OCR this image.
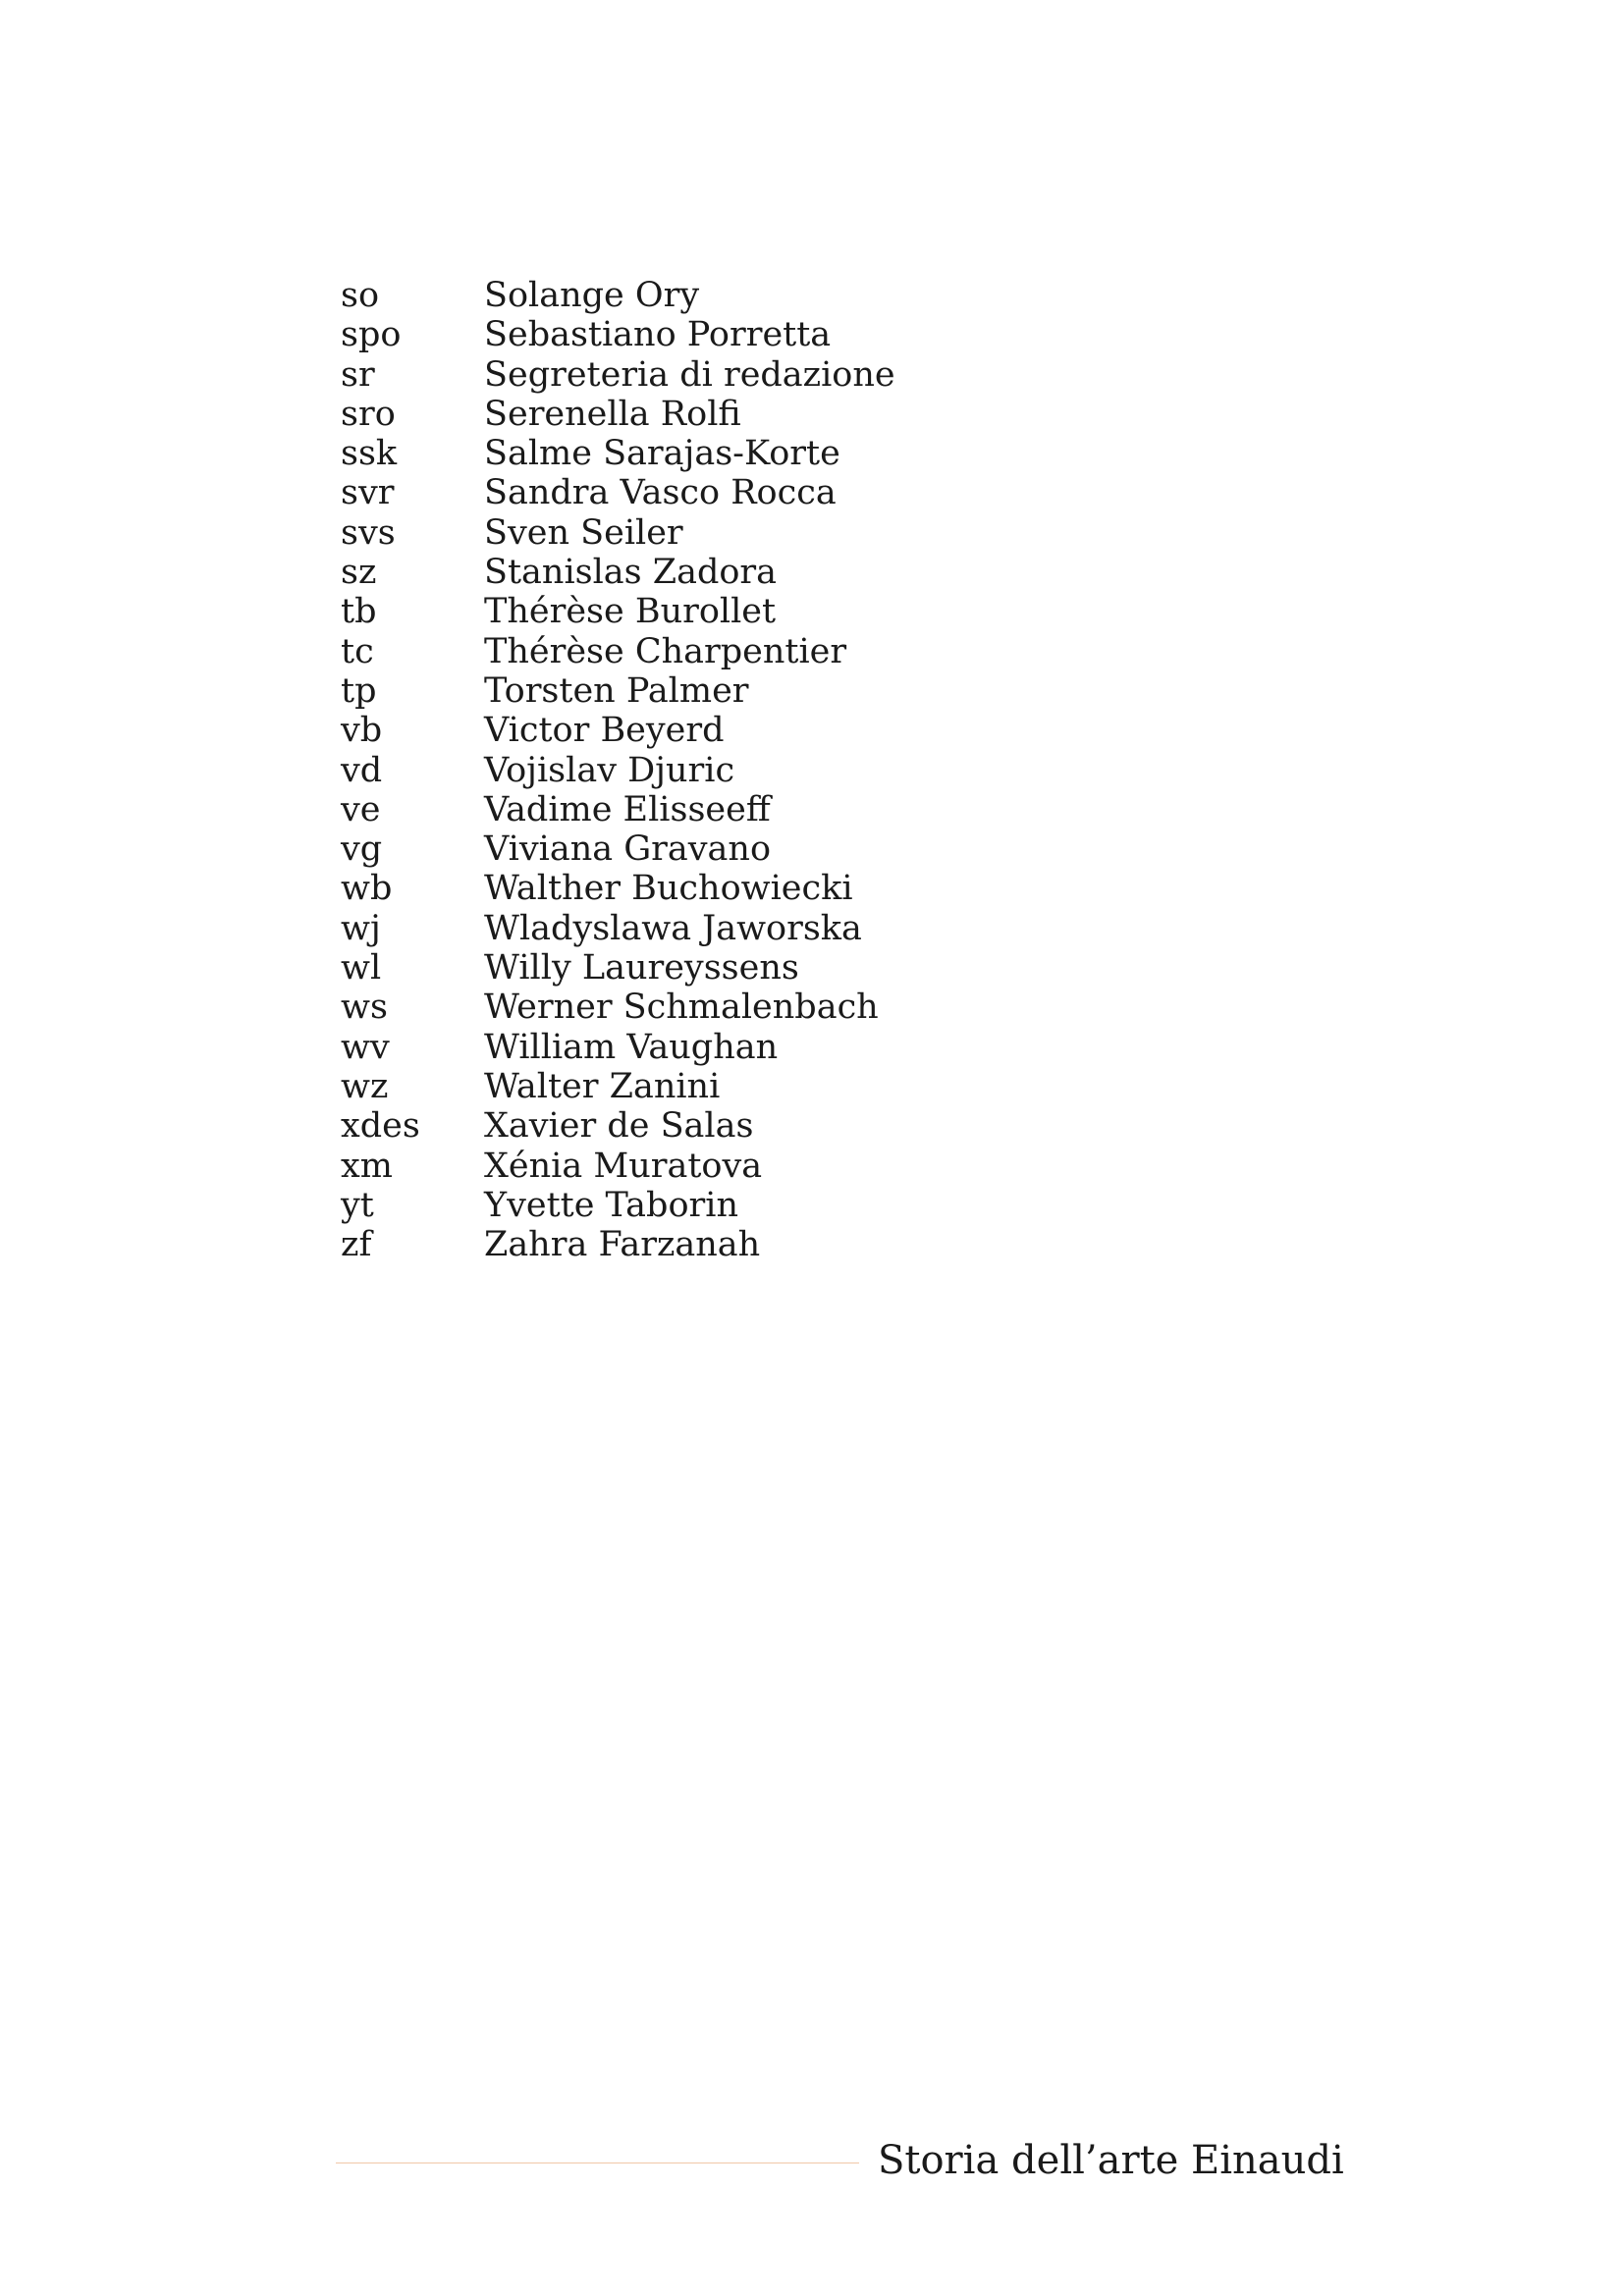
so	Solange Ory
spo Sebastiano Porretta
sr	Segreteria di redazione
sro	Serenella Rolfi
ssk	Salme Sarajas-Korte
svr	Sandra Vasco Rocca
svs	Sven Seiler
sz	Stanislas Zadora
tb	Thérèse Burollet
tc	Thérèse Charpentier
tp	Torsten Palmer
vb	Victor Beyerd
vd	Vojislav Djuric
ve	Vadime Elisseeff
vg	Viviana Gravano
wb	Walther Buchowiecki
wj	Wladyslawa Jaworska
wl	Willy Laureyssens
ws	Werner Schmalenbach
wv	William Vaughan
wz	Walter Zanini
xdes Xavier de Salas
xm	Xénia Muratova
yt	Yvette Taborin
zf	Zahra Farzanah
Storia dell’arte Einaudi
